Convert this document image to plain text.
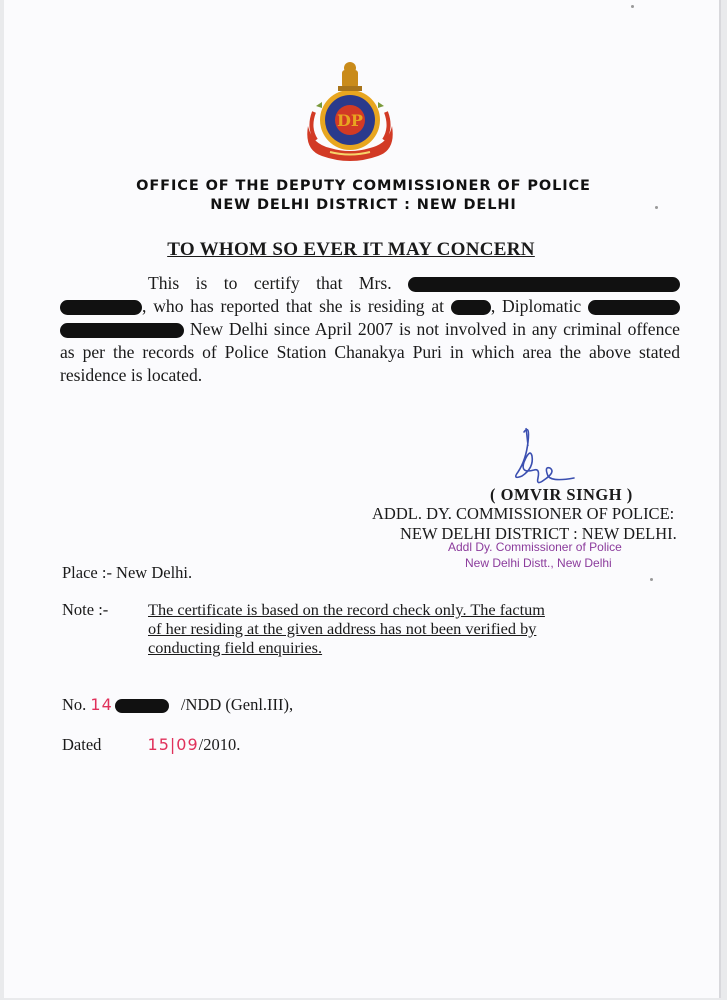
DP
OFFICE OF THE DEPUTY COMMISSIONER OF POLICE
NEW DELHI DISTRICT : NEW DELHI
TO WHOM SO EVER IT MAY CONCERN

This is to certify that Mrs.  , who has reported that she is residing at	, Diplomatic   New Delhi since April 2007 is not involved in any criminal offence as per the records of Police Station Chanakya Puri in which area the above stated residence is located.

( OMVIR SINGH )
ADDL. DY. COMMISSIONER OF POLICE:
NEW DELHI DISTRICT : NEW DELHI.
Addl Dy. Commissioner of Police
New Delhi Distt., New Delhi
Place :- New Delhi.
Note :- The certificate is based on the record check only. The factum of her residing at the given address has not been verified by conducting field enquiries.
No. 14	/NDD (Genl.III),
Dated	15|09/2010.
